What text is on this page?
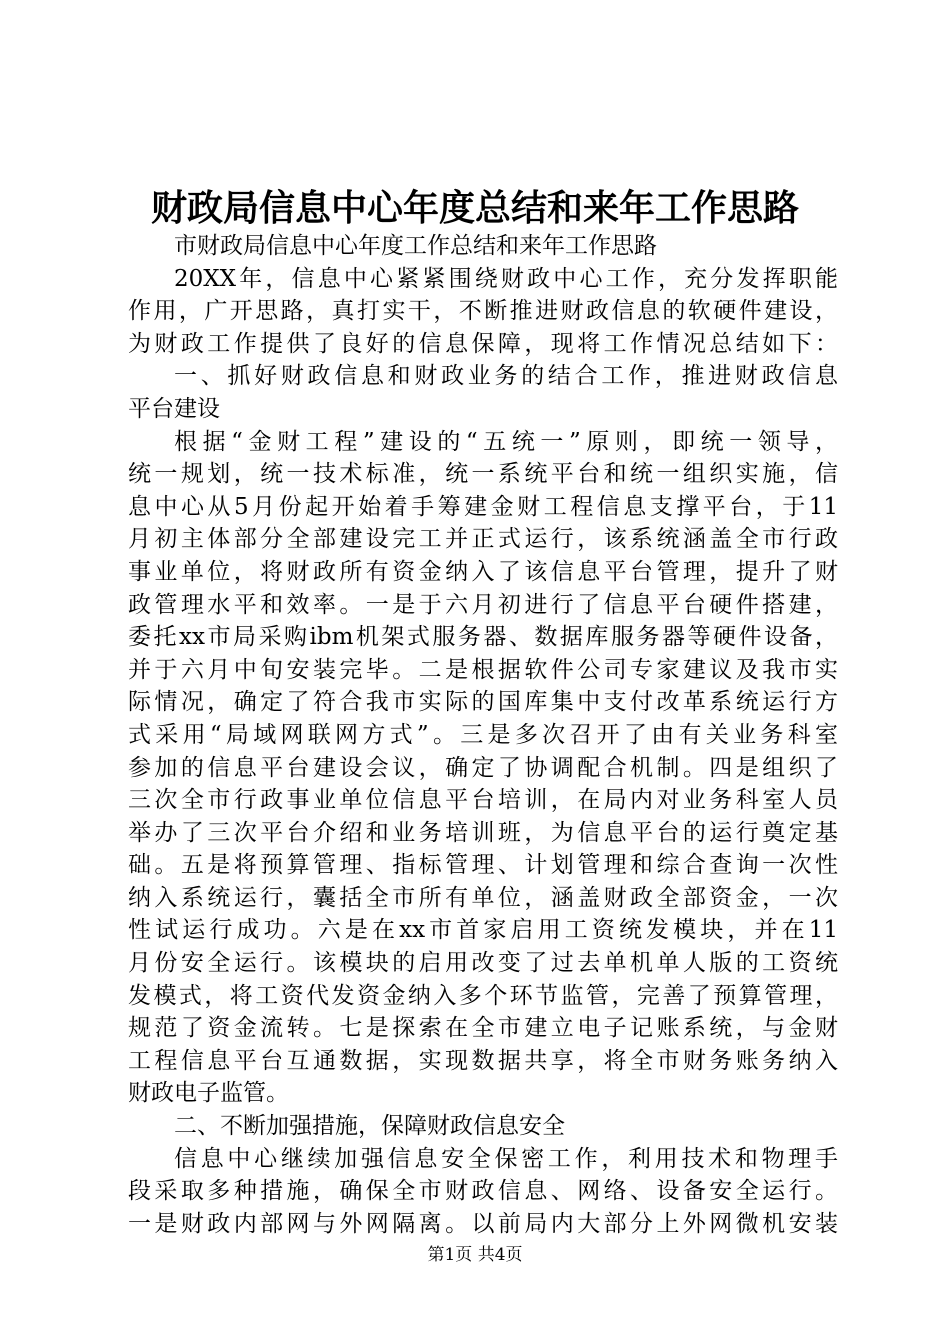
财政局信息中心年度总结和来年工作思路
市财政局信息中心年度工作总结和来年工作思路
20XX年，信息中心紧紧围绕财政中心工作，充分发挥职能
作用，广开思路，真打实干，不断推进财政信息的软硬件建设，
为财政工作提供了良好的信息保障，现将工作情况总结如下：
一、抓好财政信息和财政业务的结合工作，推进财政信息
平台建设
根据“金财工程”建设的“五统一”原则，即统一领导，
统一规划，统一技术标准，统一系统平台和统一组织实施，信
息中心从5月份起开始着手筹建金财工程信息支撑平台，于11
月初主体部分全部建设完工并正式运行，该系统涵盖全市行政
事业单位，将财政所有资金纳入了该信息平台管理，提升了财
政管理水平和效率。一是于六月初进行了信息平台硬件搭建，
委托xx市局采购ibm机架式服务器、数据库服务器等硬件设备，
并于六月中旬安装完毕。二是根据软件公司专家建议及我市实
际情况，确定了符合我市实际的国库集中支付改革系统运行方
式采用“局域网联网方式”。三是多次召开了由有关业务科室
参加的信息平台建设会议，确定了协调配合机制。四是组织了
三次全市行政事业单位信息平台培训，在局内对业务科室人员
举办了三次平台介绍和业务培训班，为信息平台的运行奠定基
础。五是将预算管理、指标管理、计划管理和综合查询一次性
纳入系统运行，囊括全市所有单位，涵盖财政全部资金，一次
性试运行成功。六是在xx市首家启用工资统发模块，并在11
月份安全运行。该模块的启用改变了过去单机单人版的工资统
发模式，将工资代发资金纳入多个环节监管，完善了预算管理，
规范了资金流转。七是探索在全市建立电子记账系统，与金财
工程信息平台互通数据，实现数据共享，将全市财务账务纳入
财政电子监管。
二、不断加强措施，保障财政信息安全
信息中心继续加强信息安全保密工作，利用技术和物理手
段采取多种措施，确保全市财政信息、网络、设备安全运行。
一是财政内部网与外网隔离。以前局内大部分上外网微机安装
第1页 共4页
